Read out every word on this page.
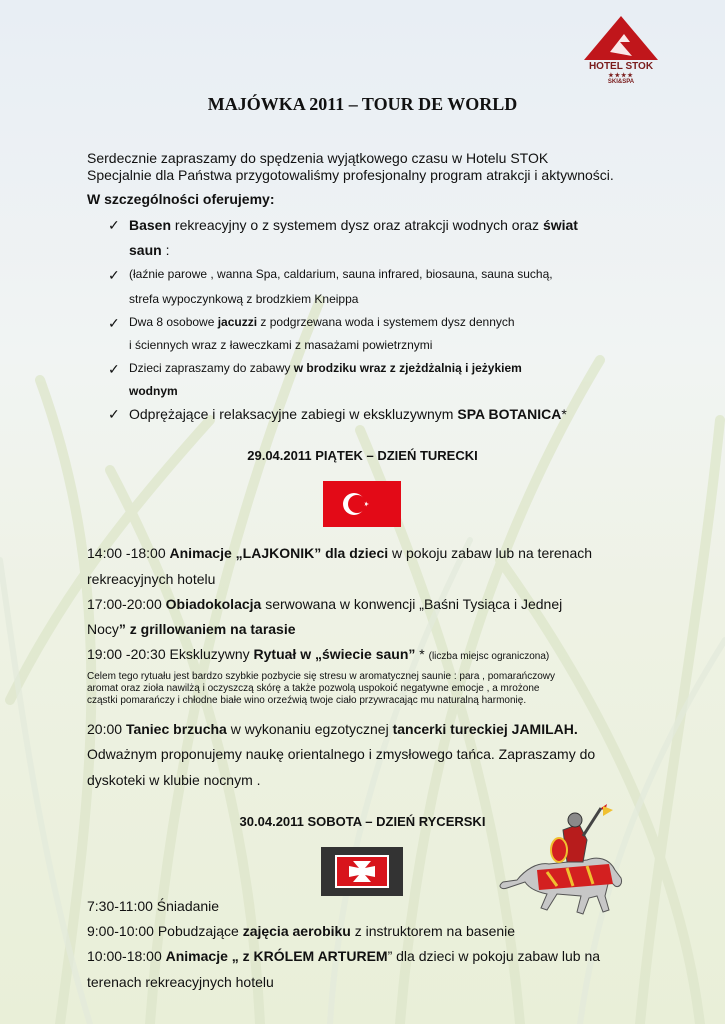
HOTEL STOK
★★★★
SKI&SPA
MAJÓWKA 2011 – TOUR DE WORLD
Serdecznie zapraszamy do spędzenia wyjątkowego czasu w Hotelu STOK
Specjalnie dla Państwa przygotowaliśmy profesjonalny program atrakcji i aktywności.
W szczególności oferujemy:
✓ Basen rekreacyjny o z systemem dysz oraz atrakcji wodnych oraz świat
saun :
✓ (łaźnie parowe , wanna Spa, caldarium, sauna infrared, biosauna, sauna suchą,
strefa wypoczynkową z brodzkiem Kneippa
✓ Dwa 8 osobowe jacuzzi z podgrzewana woda i systemem dysz dennych
i ściennych wraz z ławeczkami z masażami powietrznymi
✓ Dzieci zapraszamy do zabawy w brodziku wraz z zjeżdżalnią i jeżykiem
wodnym
✓ Odprężające i relaksacyjne zabiegi w ekskluzywnym SPA BOTANICA*
29.04.2011 PIĄTEK – DZIEŃ TURECKI
14:00 -18:00 Animacje „LAJKONIK” dla dzieci w pokoju zabaw lub na terenach
rekreacyjnych hotelu
17:00-20:00 Obiadokolacja serwowana w konwencji „Baśni Tysiąca i Jednej
Nocy” z grillowaniem na tarasie
19:00 -20:30 Ekskluzywny Rytuał w „świecie saun” * (liczba miejsc ograniczona)
Celem tego rytuału jest bardzo szybkie pozbycie się stresu w aromatycznej saunie : para , pomarańczowy
aromat oraz zioła nawilżą i oczyszczą skórę a także pozwolą uspokoić negatywne emocje , a mrożone
cząstki pomarańczy i chłodne białe wino orzeźwią twoje ciało przywracając mu naturalną harmonię.
20:00 Taniec brzucha w wykonaniu egzotycznej tancerki tureckiej JAMILAH.
Odważnym proponujemy naukę orientalnego i zmysłowego tańca. Zapraszamy do
dyskoteki w klubie nocnym .
30.04.2011 SOBOTA – DZIEŃ RYCERSKI
7:30-11:00 Śniadanie
9:00-10:00 Pobudzające zajęcia aerobiku z instruktorem na basenie
10:00-18:00 Animacje „ z KRÓLEM ARTUREM” dla dzieci w pokoju zabaw lub na
terenach rekreacyjnych hotelu
